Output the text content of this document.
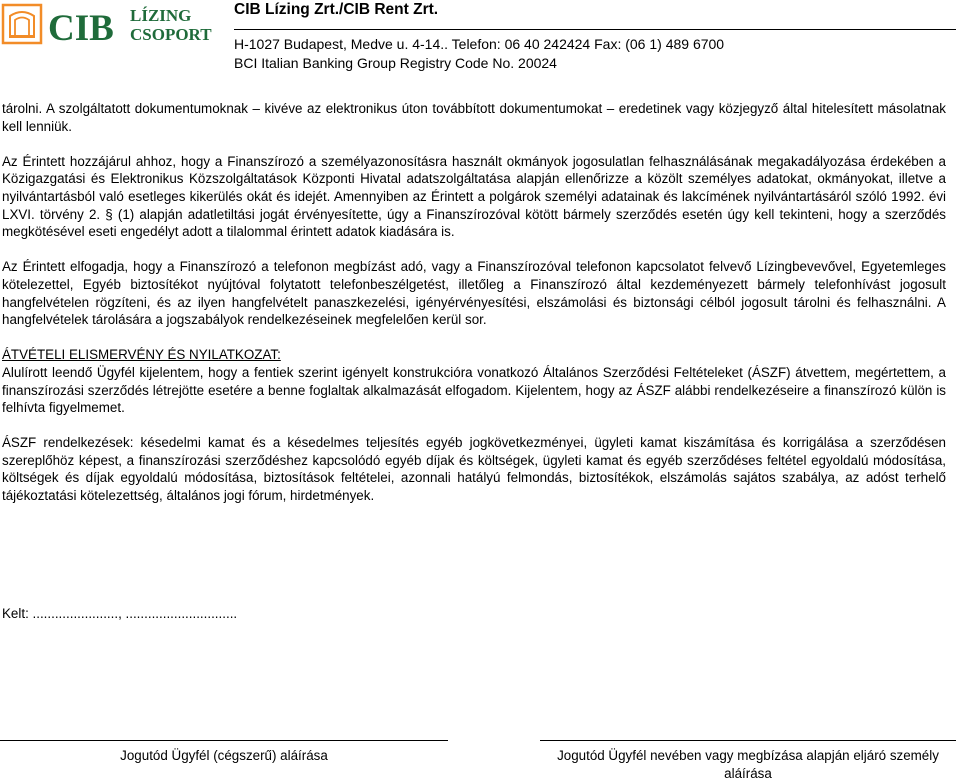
CIB LÍZING
CSOPORT
CIB Lízing Zrt./CIB Rent Zrt.
H-1027 Budapest, Medve u. 4-14.. Telefon: 06 40 242424 Fax: (06 1) 489 6700
BCI Italian Banking Group Registry Code No. 20024

tárolni. A szolgáltatott dokumentumoknak – kivéve az elektronikus úton továbbított dokumentumokat – eredetinek vagy közjegyző által hitelesített másolatnak kell lenniük.

Az Érintett hozzájárul ahhoz, hogy a Finanszírozó a személyazonosításra használt okmányok jogosulatlan felhasználásának megakadályozása érdekében a Közigazgatási és Elektronikus Közszolgáltatások Központi Hivatal adatszolgáltatása alapján ellenőrizze a közölt személyes adatokat, okmányokat, illetve a nyilvántartásból való esetleges kikerülés okát és idejét. Amennyiben az Érintett a polgárok személyi adatainak és lakcímének nyilvántartásáról szóló 1992. évi LXVI. törvény 2. § (1) alapján adatletiltási jogát érvényesítette, úgy a Finanszírozóval kötött bármely szerződés esetén úgy kell tekinteni, hogy a szerződés megkötésével eseti engedélyt adott a tilalommal érintett adatok kiadására is.

Az Érintett elfogadja, hogy a Finanszírozó a telefonon megbízást adó, vagy a Finanszírozóval telefonon kapcsolatot felvevő Lízingbevevővel, Egyetemleges kötelezettel, Egyéb biztosítékot nyújtóval folytatott telefonbeszélgetést, illetőleg a Finanszírozó által kezdeményezett bármely telefonhívást jogosult hangfelvételen rögzíteni, és az ilyen hangfelvételt panaszkezelési, igényérvényesítési, elszámolási és biztonsági célból jogosult tárolni és felhasználni. A hangfelvételek tárolására a jogszabályok rendelkezéseinek megfelelően kerül sor.

ÁTVÉTELI ELISMERVÉNY ÉS NYILATKOZAT:

Alulírott leendő Ügyfél kijelentem, hogy a fentiek szerint igényelt konstrukcióra vonatkozó Általános Szerződési Feltételeket (ÁSZF) átvettem, megértettem, a finanszírozási szerződés létrejötte esetére a benne foglaltak alkalmazását elfogadom. Kijelentem, hogy az ÁSZF alábbi rendelkezéseire a finanszírozó külön is felhívta figyelmemet.

ÁSZF rendelkezések: késedelmi kamat és a késedelmes teljesítés egyéb jogkövetkezményei, ügyleti kamat kiszámítása és korrigálása a szerződésen szereplőhöz képest, a finanszírozási szerződéshez kapcsolódó egyéb díjak és költségek, ügyleti kamat és egyéb szerződéses feltétel egyoldalú módosítása, költségek és díjak egyoldalú módosítása, biztosítások feltételei, azonnali hatályú felmondás, biztosítékok, elszámolás sajátos szabálya, az adóst terhelő tájékoztatási kötelezettség, általános jogi fórum, hirdetmények.

Kelt: ......................., ..............................
Jogutód Ügyfél (cégszerű) aláírása	Jogutód Ügyfél nevében vagy megbízása alapján eljáró személy aláírása
